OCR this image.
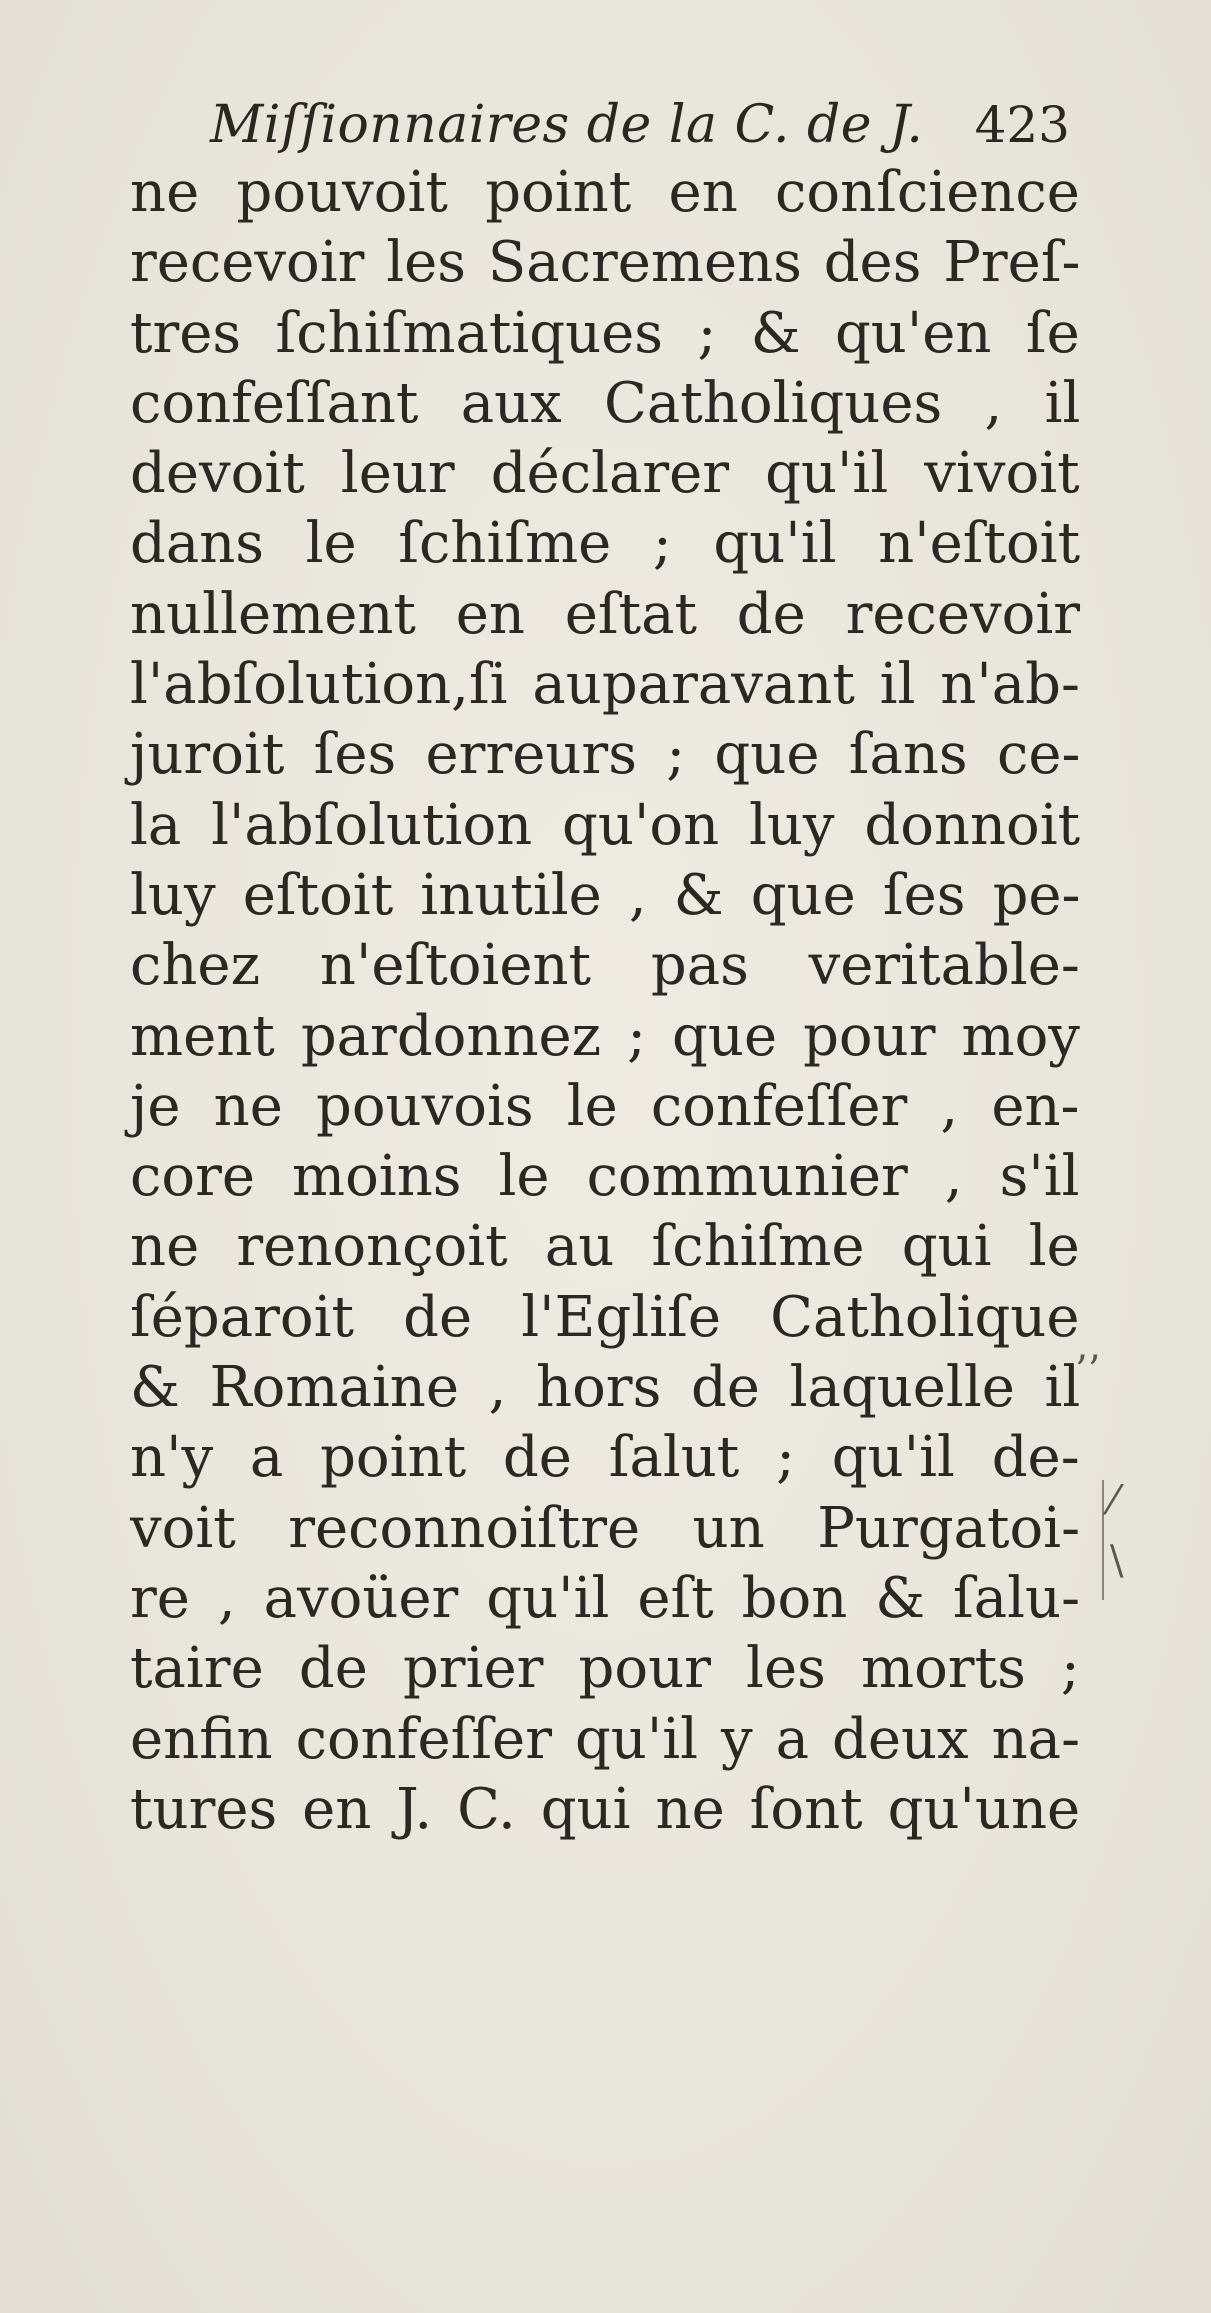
Miſſionnaires de la C. de J. 423
ne pouvoit point en conſcience
recevoir les Sacremens des Preſ-
tres ſchiſmatiques ; & qu'en ſe
confeſſant aux Catholiques , il
devoit leur déclarer qu'il vivoit
dans le ſchiſme ; qu'il n'eſtoit
nullement en eſtat de recevoir
l'abſolution,ſi auparavant il n'ab-
juroit ſes erreurs ; que ſans ce-
la l'abſolution qu'on luy donnoit
luy eſtoit inutile , & que ſes pe-
chez n'eſtoient pas veritable-
ment pardonnez ; que pour moy
je ne pouvois le confeſſer , en-
core moins le communier , s'il
ne renonçoit au ſchiſme qui le
ſéparoit de l'Egliſe Catholique
& Romaine , hors de laquelle il
n'y a point de ſalut ; qu'il de-
voit reconnoiſtre un Purgatoi-
re , avoüer qu'il eſt bon & ſalu-
taire de prier pour les morts ;
enfin confeſſer qu'il y a deux na-
tures en J. C. qui ne ſont qu'une
’’
⁄
\
